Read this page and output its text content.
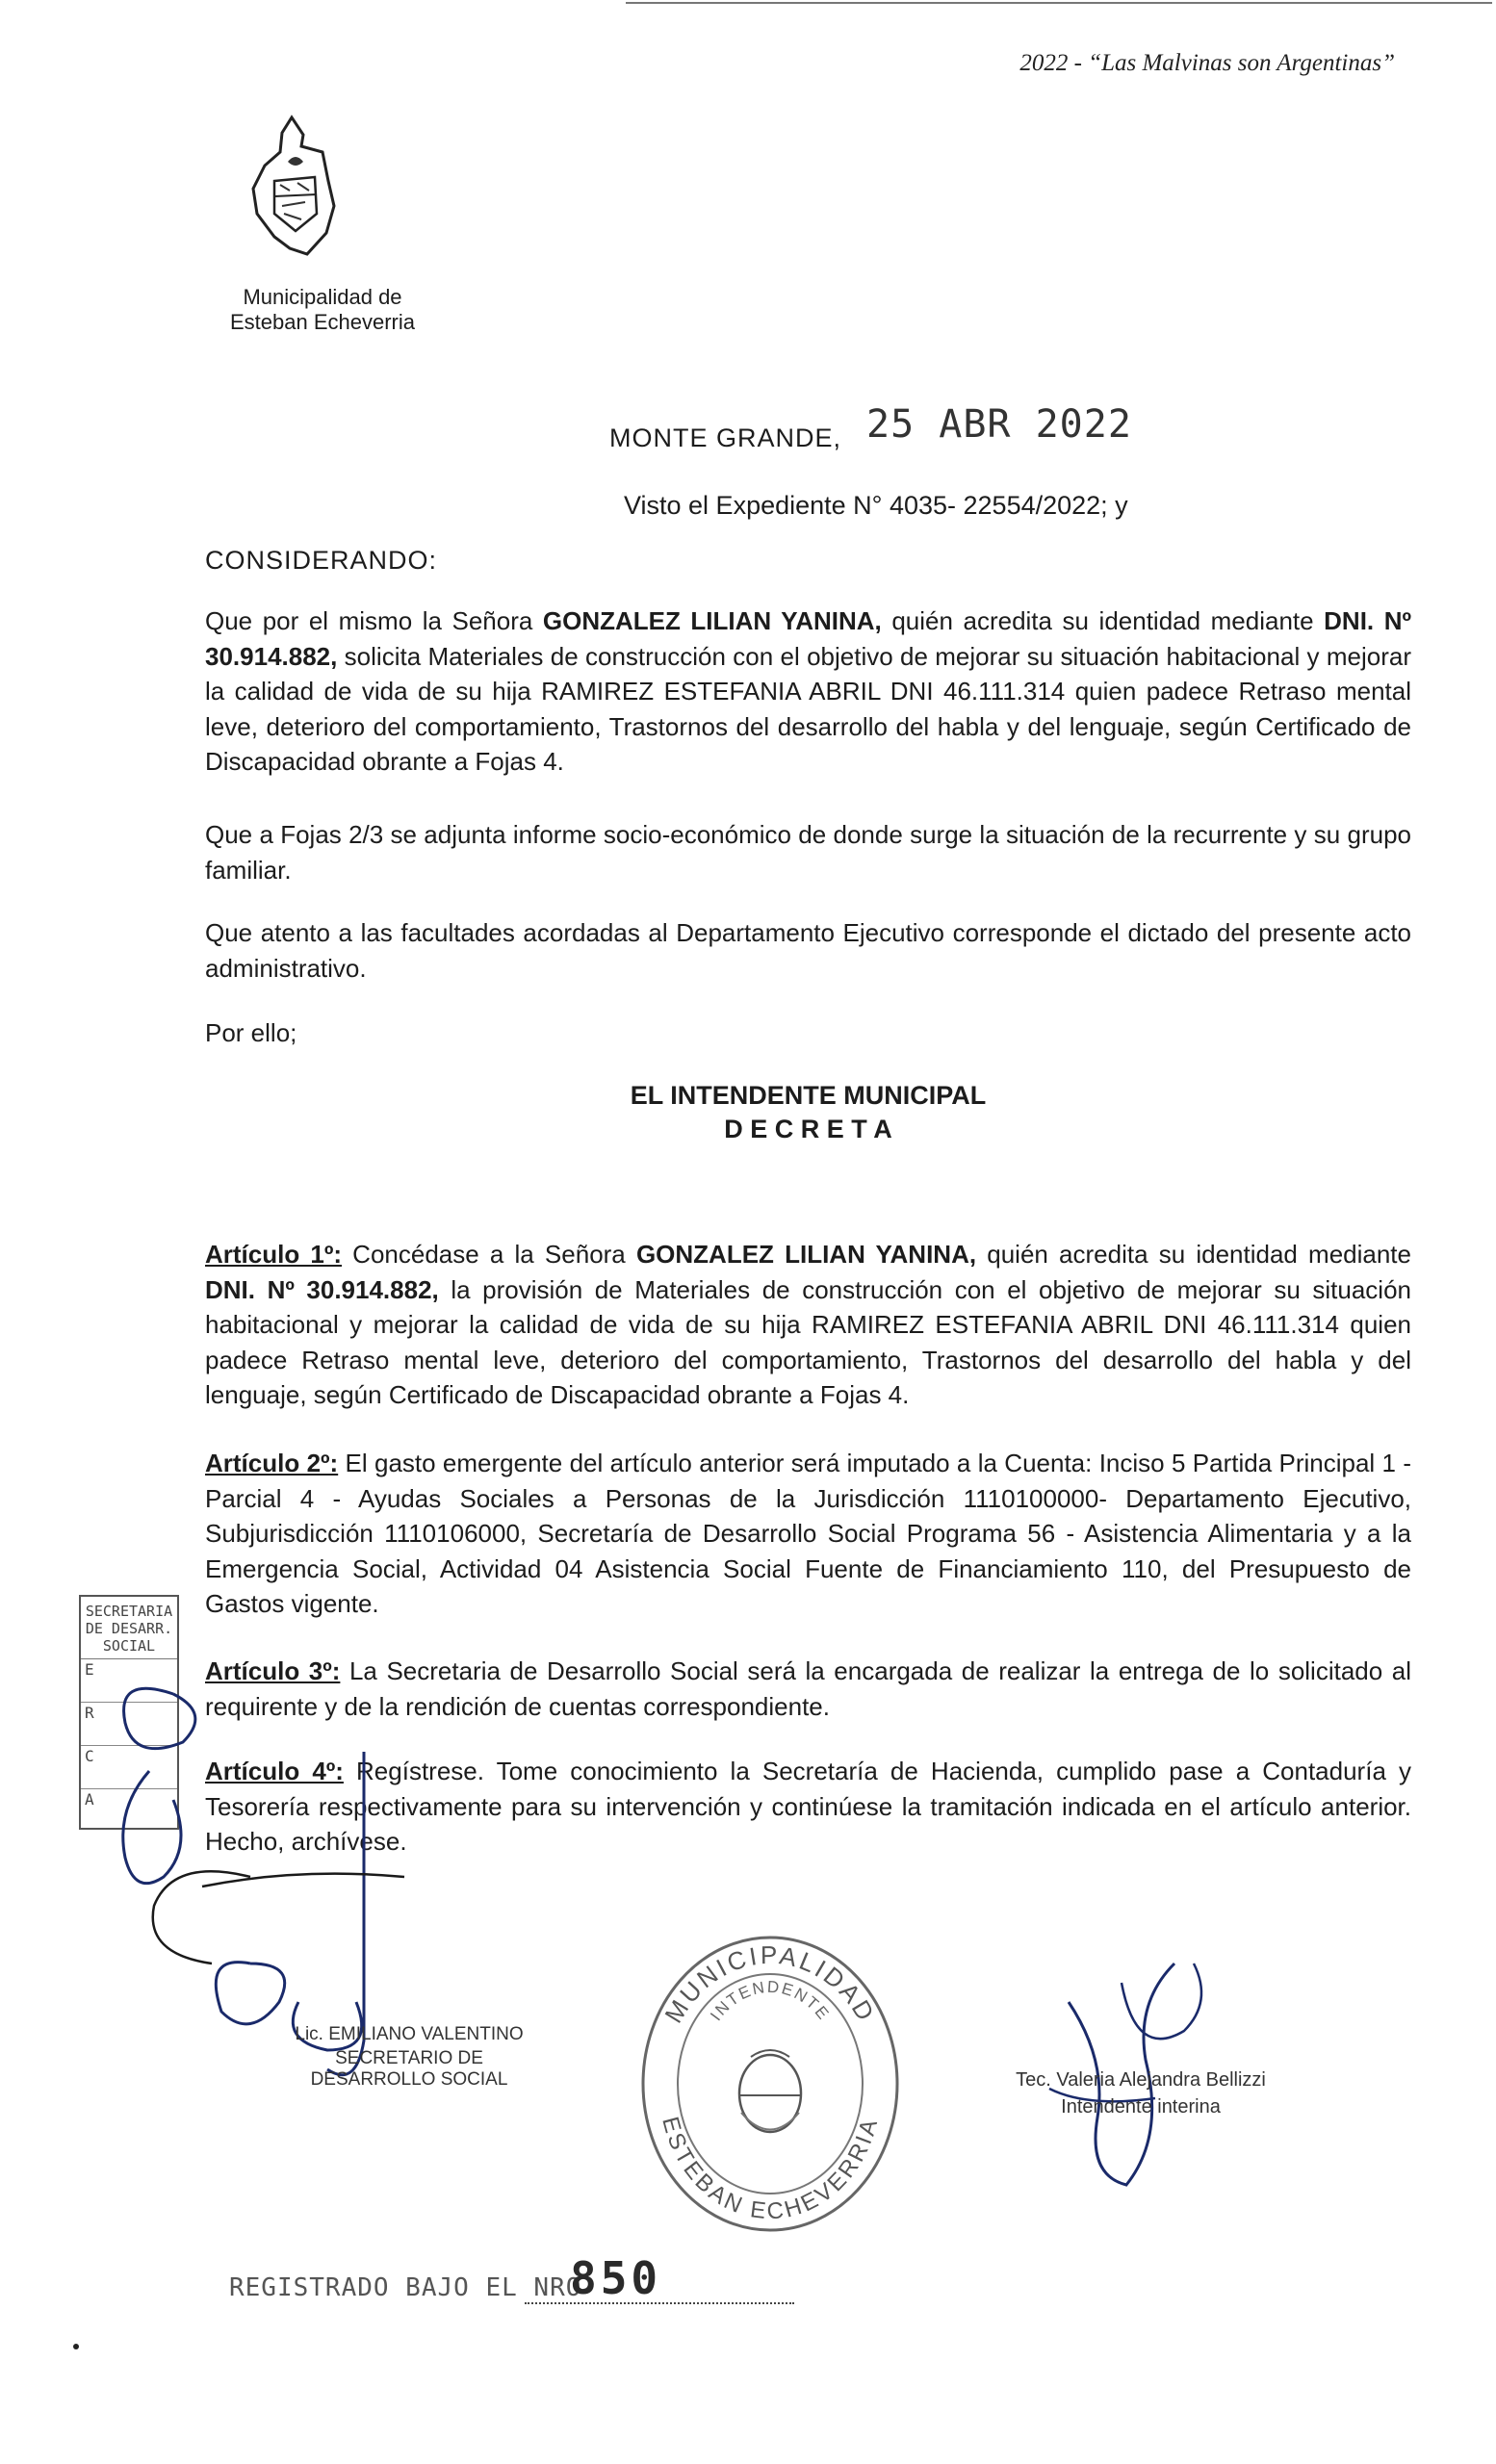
2022 - “Las Malvinas son Argentinas”
Municipalidad de Esteban Echeverria
MONTE GRANDE, 25 ABR 2022
Visto el Expediente N° 4035- 22554/2022; y
CONSIDERANDO:
Que por el mismo la Señora GONZALEZ LILIAN YANINA, quién acredita su identidad mediante DNI. Nº 30.914.882, solicita Materiales de construcción con el objetivo de mejorar su situación habitacional y mejorar la calidad de vida de su hija RAMIREZ ESTEFANIA ABRIL DNI 46.111.314 quien padece Retraso mental leve, deterioro del comportamiento, Trastornos del desarrollo del habla y del lenguaje, según Certificado de Discapacidad obrante a Fojas 4.
Que a Fojas 2/3 se adjunta informe socio-económico de donde surge la situación de la recurrente y su grupo familiar.
Que atento a las facultades acordadas al Departamento Ejecutivo corresponde el dictado del presente acto administrativo.
Por ello;
EL INTENDENTE MUNICIPAL
D E C R E T A
Artículo 1º: Concédase a la Señora GONZALEZ LILIAN YANINA, quién acredita su identidad mediante DNI. Nº 30.914.882, la provisión de Materiales de construcción con el objetivo de mejorar su situación habitacional y mejorar la calidad de vida de su hija RAMIREZ ESTEFANIA ABRIL DNI 46.111.314 quien padece Retraso mental leve, deterioro del comportamiento, Trastornos del desarrollo del habla y del lenguaje, según Certificado de Discapacidad obrante a Fojas 4.
Artículo 2º: El gasto emergente del artículo anterior será imputado a la Cuenta: Inciso 5 Partida Principal 1 - Parcial 4 - Ayudas Sociales a Personas de la Jurisdicción 1110100000- Departamento Ejecutivo, Subjurisdicción 1110106000, Secretaría de Desarrollo Social Programa 56 - Asistencia Alimentaria y a la Emergencia Social, Actividad 04 Asistencia Social Fuente de Financiamiento 110, del Presupuesto de Gastos vigente.
Artículo 3º: La Secretaria de Desarrollo Social será la encargada de realizar la entrega de lo solicitado al requirente y de la rendición de cuentas correspondiente.
Artículo 4º: Regístrese. Tome conocimiento la Secretaría de Hacienda, cumplido pase a Contaduría y Tesorería respectivamente para su intervención y continúese la tramitación indicada en el artículo anterior. Hecho, archívese.
SECRETARIA DE DESARR. SOCIAL
E
R
C
A
Lic. EMILIANO VALENTINO
SECRETARIO DE DESARROLLO SOCIAL
MUNICIPALIDAD
INTENDENTE
ESTEBAN ECHEVERRIA
Tec. Valeria Alejandra Bellizzi
Intendente interina
REGISTRADO BAJO EL NRO
850
